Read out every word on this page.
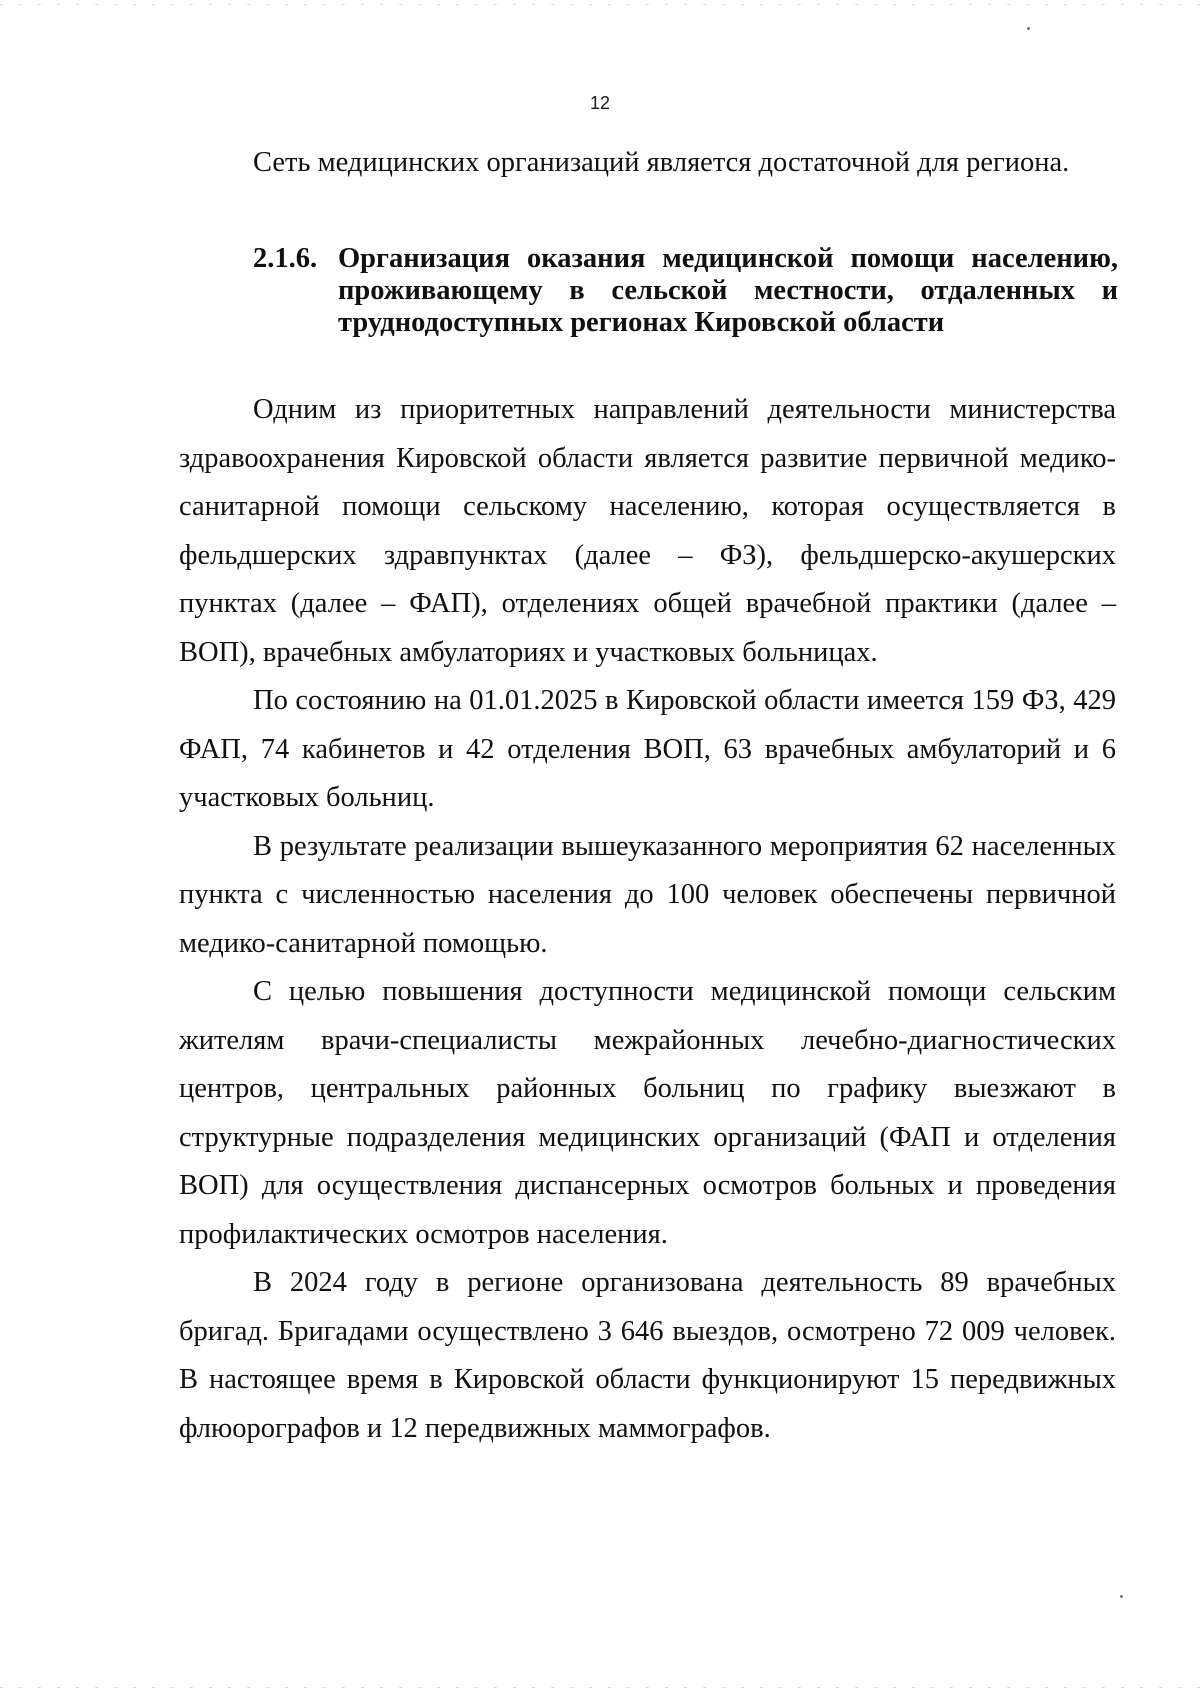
12
Сеть медицинских организаций является достаточной для региона.
2.1.6. Организация оказания медицинской помощи населению, проживающему в сельской местности, отдаленных и труднодоступных регионах Кировской области

Одним из приоритетных направлений деятельности министерства здравоохранения Кировской области является развитие первичной медико-санитарной помощи сельскому населению, которая осуществляется в фельдшерских здравпунктах (далее – ФЗ), фельдшерско-акушерских пунктах (далее – ФАП), отделениях общей врачебной практики (далее – ВОП), врачебных амбулаториях и участковых больницах.

По состоянию на 01.01.2025 в Кировской области имеется 159 ФЗ, 429 ФАП, 74 кабинетов и 42 отделения ВОП, 63 врачебных амбулаторий и 6 участковых больниц.

В результате реализации вышеуказанного мероприятия 62 населенных пункта с численностью населения до 100 человек обеспечены первичной медико-санитарной помощью.

С целью повышения доступности медицинской помощи сельским жителям врачи-специалисты межрайонных лечебно-диагностических центров, центральных районных больниц по графику выезжают в структурные подразделения медицинских организаций (ФАП и отделения ВОП) для осуществления диспансерных осмотров больных и проведения профилактических осмотров населения.

В 2024 году в регионе организована деятельность 89 врачебных бригад. Бригадами осуществлено 3 646 выездов, осмотрено 72 009 человек. В настоящее время в Кировской области функционируют 15 передвижных флюорографов и 12 передвижных маммографов.
